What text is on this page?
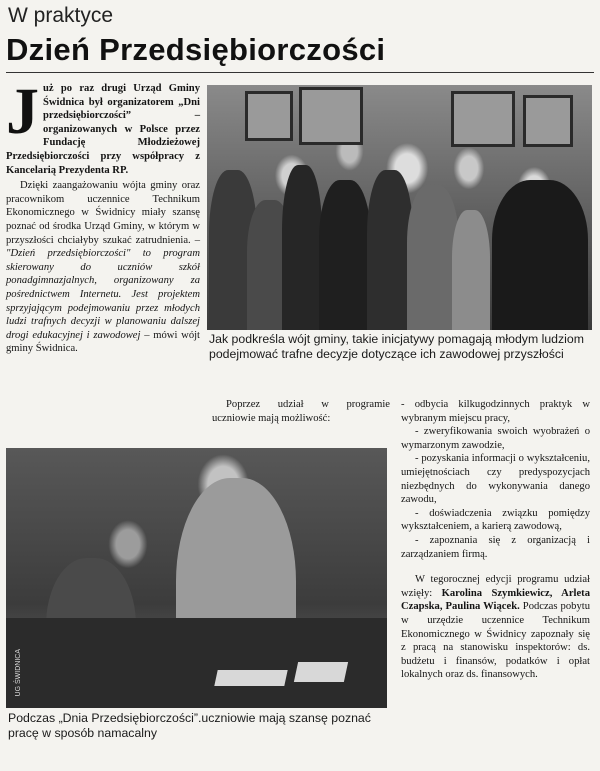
W praktyce
Dzień Przedsiębiorczości

Już po raz drugi Urząd Gminy Świdnica był organizatorem „Dni przedsiębiorczości” – organizowanych w Polsce przez Fundację Młodzieżowej Przedsiębiorczości przy współpracy z Kancelarią Prezydenta RP.

Dzięki zaangażowaniu wójta gminy oraz pracownikom uczennice Technikum Ekonomicznego w Świdnicy miały szansę poznać od środka Urząd Gminy, w którym w przyszłości chciałyby szukać zatrudnienia. – "Dzień przedsiębiorczości" to program skierowany do uczniów szkół ponadgimnazjalnych, organizowany za pośrednictwem Internetu. Jest projektem sprzyjającym podejmowaniu przez młodych ludzi trafnych decyzji w planowaniu dalszej drogi edukacyjnej i zawodowej – mówi wójt gminy Świdnica.

Jak podkreśla wójt gminy, takie inicjatywy pomagają młodym ludziom podejmować trafne decyzje dotyczące ich zawodowej przyszłości

Poprzez udział w programie uczniowie mają możliwość:

- odbycia kilkugodzinnych praktyk w wybranym miejscu pracy,

- zweryfikowania swoich wyobrażeń o wymarzonym zawodzie,

- pozyskania informacji o wykształceniu, umiejętnościach czy predyspozycjach niezbędnych do wykonywania danego zawodu,

- doświadczenia związku pomiędzy wykształceniem, a karierą zawodową,

- zapoznania się z organizacją i zarządzaniem firmą.

W tegorocznej edycji programu udział wzięły: Karolina Szymkiewicz, Arleta Czapska, Paulina Wiącek. Podczas pobytu w urzędzie uczennice Technikum Ekonomicznego w Świdnicy zapoznały się z pracą na stanowisku inspektorów: ds. budżetu i finansów, podatków i opłat lokalnych oraz ds. finansowych.

UG ŚWIDNICA
Podczas „Dnia Przedsiębiorczości”.uczniowie mają szansę poznać pracę w sposób namacalny
